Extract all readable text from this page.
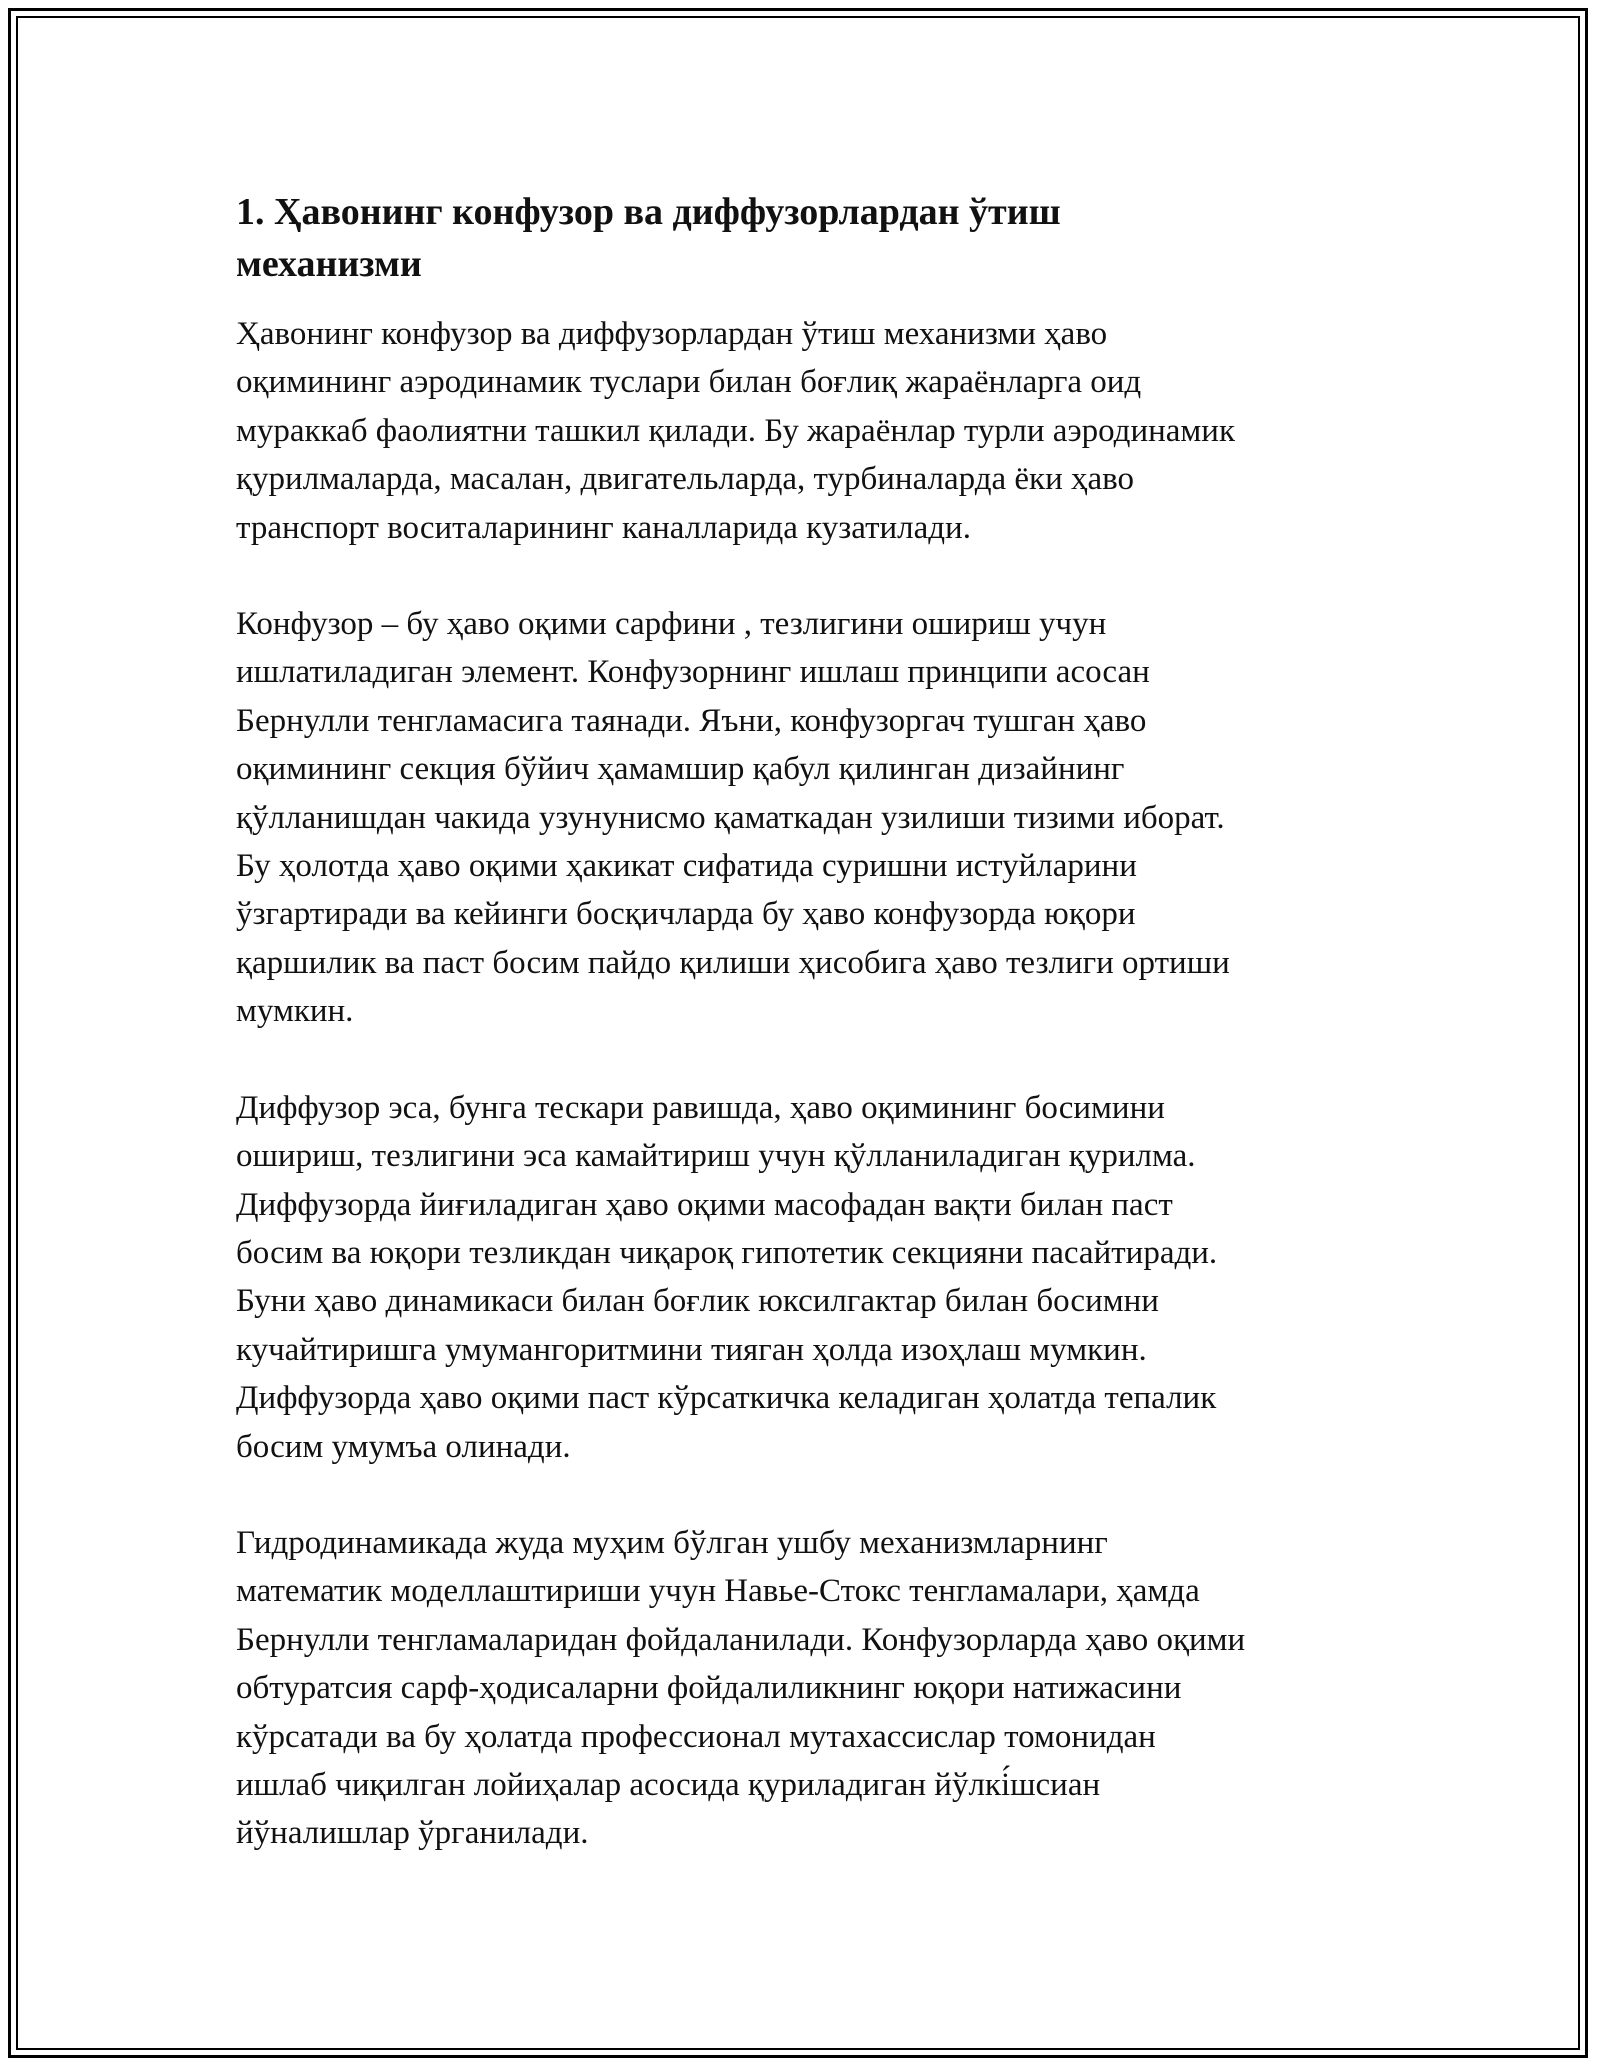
1. Ҳавонинг конфузор ва диффузорлардан ўтиш механизми

Ҳавонинг конфузор ва диффузорлардан ўтиш механизми ҳаво
оқимининг аэродинамик туслари билан боғлиқ жараёнларга оид
мураккаб фаолиятни ташкил қилади. Бу жараёнлар турли аэродинамик
қурилмаларда, масалан, двигательларда, турбиналарда ёки ҳаво
транспорт воситаларининг каналларида кузатилади.

Конфузор – бу ҳаво оқими сарфини , тезлигини ошириш учун
ишлатиладиган элемент. Конфузорнинг ишлаш принципи асосан
Бернулли тенгламасига таянади. Яъни, конфузоргач тушган ҳаво
оқимининг секция бўйич ҳамамшир қабул қилинган дизайнинг
қўлланишдан чакида узунунисмо қаматкадан узилиши тизими иборат.
Бу ҳолотда ҳаво оқими ҳакикат сифатида суришни истуйларини
ўзгартиради ва кейинги босқичларда бу ҳаво конфузорда юқори
қаршилик ва паст босим пайдо қилиши ҳисобига ҳаво тезлиги ортиши
мумкин.

Диффузор эса, бунга тескари равишда, ҳаво оқимининг босимини
ошириш, тезлигини эса камайтириш учун қўлланиладиган қурилма.
Диффузорда йиғиладиган ҳаво оқими масофадан вақти билан паст
босим ва юқори тезликдан чиқароқ гипотетик секцияни пасайтиради.
Буни ҳаво динамикаси билан боғлик юксилгактар билан босимни
кучайтиришга умумангоритмини тияган ҳолда изоҳлаш мумкин.
Диффузорда ҳаво оқими паст кўрсаткичка келадиган ҳолатда тепалик
босим умумъа олинади.

Гидродинамикада жуда муҳим бўлган ушбу механизмларнинг
математик моделлаштириши учун Навье-Стокс тенгламалари, ҳамда
Бернулли тенгламаларидан фойдаланилади. Конфузорларда ҳаво оқими
обтуратсия сарф-ҳодисаларни фойдалиликнинг юқори натижасини
кўрсатади ва бу ҳолатда профессионал мутахассислар томонидан
ишлаб чиқилган лойиҳалар асосида қуриладиган йўлкі́шсиан
йўналишлар ўрганилади.
